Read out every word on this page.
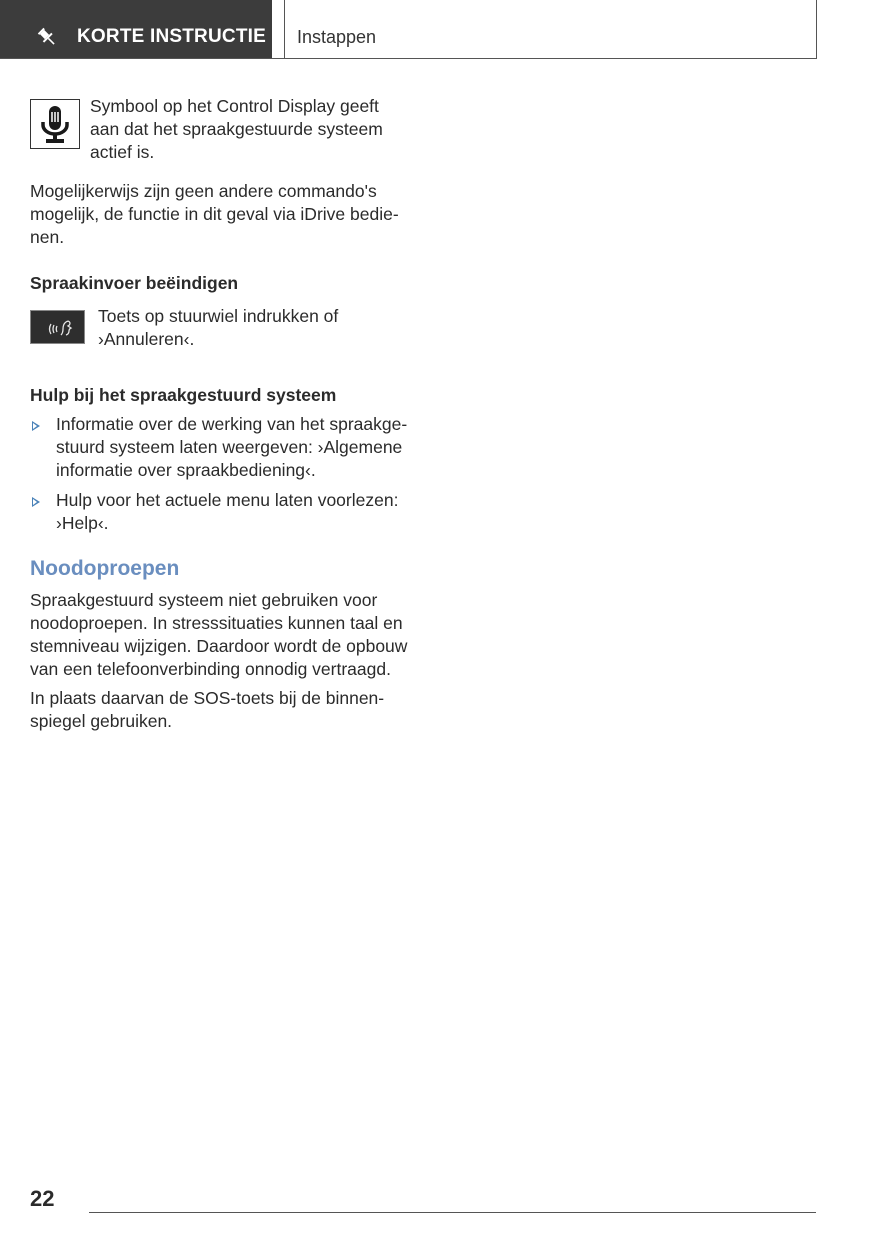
KORTE INSTRUCTIE Instappen
Symbool op het Control Display geeft aan dat het spraakgestuurde systeem actief is.
Mogelijkerwijs zijn geen andere commando's mogelijk, de functie in dit geval via iDrive bedienen.
Spraakinvoer beëindigen
Toets op stuurwiel indrukken of ›Annuleren‹.
Hulp bij het spraakgestuurd systeem
Informatie over de werking van het spraakgestuurd systeem laten weergeven: ›Algemene informatie over spraakbediening‹.
Hulp voor het actuele menu laten voorlezen: ›Help‹.
Noodoproepen
Spraakgestuurd systeem niet gebruiken voor noodoproepen. In stresssituaties kunnen taal en stemniveau wijzigen. Daardoor wordt de opbouw van een telefoonverbinding onnodig vertraagd.
In plaats daarvan de SOS-toets bij de binnenspiegel gebruiken.
22
